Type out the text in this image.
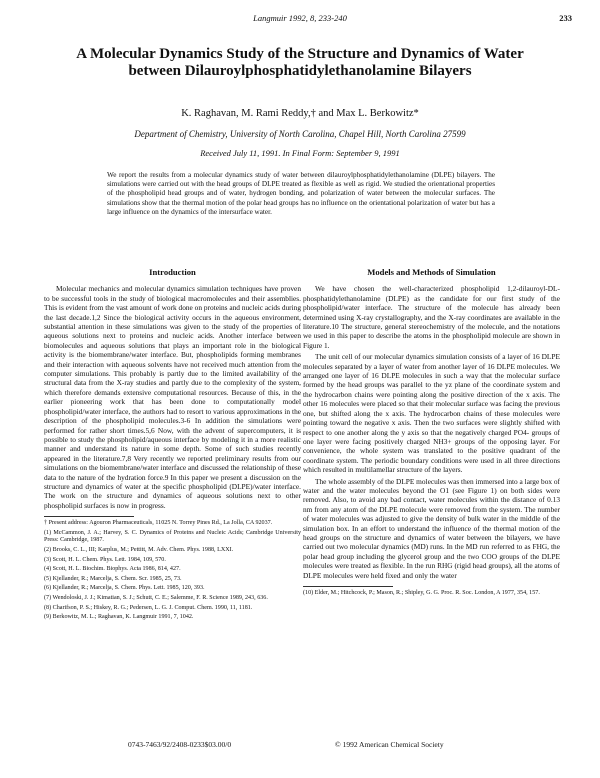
Langmuir 1992, 8, 233-240	233
A Molecular Dynamics Study of the Structure and Dynamics of Water between Dilauroylphosphatidylethanolamine Bilayers
K. Raghavan, M. Rami Reddy,† and Max L. Berkowitz*
Department of Chemistry, University of North Carolina, Chapel Hill, North Carolina 27599
Received July 11, 1991. In Final Form: September 9, 1991
We report the results from a molecular dynamics study of water between dilauroylphosphatidylethanolamine (DLPE) bilayers. The simulations were carried out with the head groups of DLPE treated as flexible as well as rigid. We studied the orientational properties of the phospholipid head groups and of water, hydrogen bonding, and polarization of water between the molecular surfaces. The simulations show that the thermal motion of the polar head groups has no influence on the orientational polarization of water but has a large influence on the dynamics of the intersurface water.
Introduction

Molecular mechanics and molecular dynamics simulation techniques have proven to be successful tools in the study of biological macromolecules and their assemblies. This is evident from the vast amount of work done on proteins and nucleic acids during the last decade.1,2 Since the biological activity occurs in the aqueous environment, substantial attention in these simulations was given to the study of the properties of aqueous solutions next to proteins and nucleic acids. Another interface between biomolecules and aqueous solutions that plays an important role in the biological activity is the biomembrane/water interface. But, phospholipids forming membranes and their interaction with aqueous solvents have not received much attention from the computer simulations. This probably is partly due to the limited availability of the structural data from the X-ray studies and partly due to the complexity of the system, which therefore demands extensive computational resources. Because of this, in the earlier pioneering work that has been done to computationally model phospholipid/water interface, the authors had to resort to various approximations in the description of the phospholipid molecules.3-6 In addition the simulations were performed for rather short times.5,6 Now, with the advent of supercomputers, it is possible to study the phospholipid/aqueous interface by modeling it in a more realistic manner and understand its nature in some depth. Some of such studies recently appeared in the literature.7,8 Very recently we reported preliminary results from our simulations on the biomembrane/water interface and discussed the relationship of these data to the nature of the hydration force.9 In this paper we present a discussion on the structure and dynamics of water at the specific phospholipid (DLPE)/water interface. The work on the structure and dynamics of aqueous solutions next to other phospholipid surfaces is now in progress.

† Present address: Agouron Pharmaceuticals, 11025 N. Torrey Pines Rd., La Jolla, CA 92037.

(1) McCammon, J. A.; Harvey, S. C. Dynamics of Proteins and Nucleic Acids; Cambridge University Press: Cambridge, 1987.

(2) Brooks, C. L., III; Karplus, M.; Pettitt, M. Adv. Chem. Phys. 1988, LXXI.

(3) Scott, H. L. Chem. Phys. Lett. 1984, 109, 570.

(4) Scott, H. L. Biochim. Biophys. Acta 1986, 814, 427.

(5) Kjellander, R.; Marcelja, S. Chem. Scr. 1985, 25, 73.

(6) Kjellander, R.; Marcelja, S. Chem. Phys. Lett. 1985, 120, 393.

(7) Wendoloski, J. J.; Kimatian, S. J.; Schutt, C. E.; Salemme, F. R. Science 1989, 243, 636.

(8) Charifson, P. S.; Hiskey, R. G.; Pedersen, L. G. J. Comput. Chem. 1990, 11, 1181.

(9) Berkowitz, M. L.; Raghavan, K. Langmuir 1991, 7, 1042.

Models and Methods of Simulation

We have chosen the well-characterized phospholipid 1,2-dilauroyl-DL-phosphatidylethanolamine (DLPE) as the candidate for our first study of the phospholipid/water interface. The structure of the molecule has already been determined using X-ray crystallography, and the X-ray coordinates are available in the literature.10 The structure, general stereochemistry of the molecule, and the notations we used in this paper to describe the atoms in the phospholipid molecule are shown in Figure 1.

The unit cell of our molecular dynamics simulation consists of a layer of 16 DLPE molecules separated by a layer of water from another layer of 16 DLPE molecules. We arranged one layer of 16 DLPE molecules in such a way that the molecular surface formed by the head groups was parallel to the yz plane of the coordinate system and the hydrocarbon chains were pointing along the positive direction of the x axis. The other 16 molecules were placed so that their molecular surface was facing the previous one, but shifted along the x axis. The hydrocarbon chains of these molecules were pointing toward the negative x axis. Then the two surfaces were slightly shifted with respect to one another along the y axis so that the negatively charged PO4- groups of one layer were facing positively charged NH3+ groups of the opposing layer. For convenience, the whole system was translated to the positive quadrant of the coordinate system. The periodic boundary conditions were used in all three directions which resulted in multilamellar structure of the layers.

The whole assembly of the DLPE molecules was then immersed into a large box of water and the water molecules beyond the O1 (see Figure 1) on both sides were removed. Also, to avoid any bad contact, water molecules within the distance of 0.13 nm from any atom of the DLPE molecule were removed from the system. The number of water molecules was adjusted to give the density of bulk water in the middle of the simulation box. In an effort to understand the influence of the thermal motion of the head groups on the structure and dynamics of water between the bilayers, we have carried out two molecular dynamics (MD) runs. In the MD run referred to as FHG, the polar head group including the glycerol group and the two COO groups of the DLPE molecules were treated as flexible. In the run RHG (rigid head groups), all the atoms of DLPE molecules were held fixed and only the water

(10) Elder, M.; Hitchcock, P.; Mason, R.; Shipley, G. G. Proc. R. Soc. London, A 1977, 354, 157.

0743-7463/92/2408-0233$03.00/0	© 1992 American Chemical Society
